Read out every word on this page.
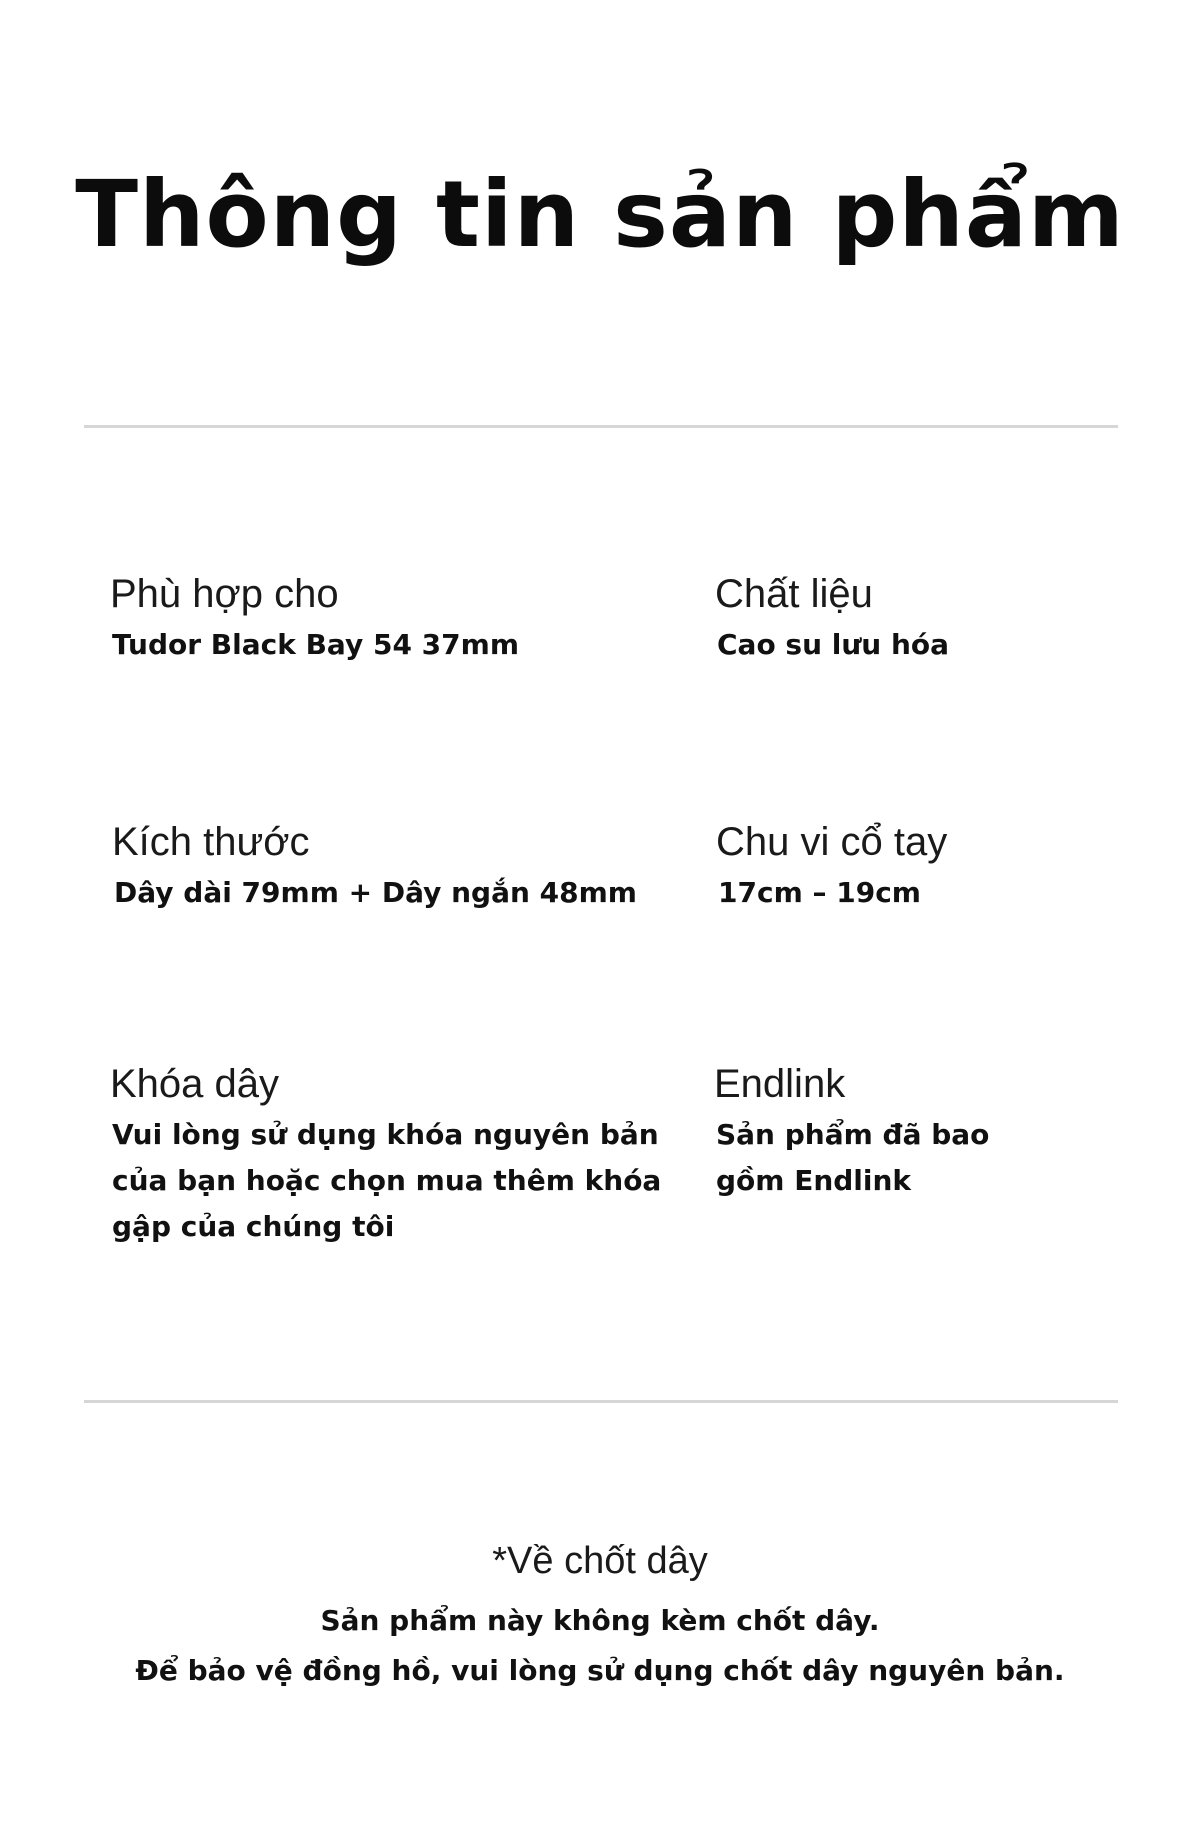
Thông tin sản phẩm

Phù hợp cho

Tudor Black Bay 54 37mm

Chất liệu

Cao su lưu hóa

Kích thước

Dây dài 79mm + Dây ngắn 48mm

Chu vi cổ tay

17cm – 19cm

Khóa dây

Vui lòng sử dụng khóa nguyên bản của bạn hoặc chọn mua thêm khóa gập của chúng tôi

Endlink

Sản phẩm đã bao gồm Endlink

*Về chốt dây

Sản phẩm này không kèm chốt dây.

Để bảo vệ đồng hồ, vui lòng sử dụng chốt dây nguyên bản.
